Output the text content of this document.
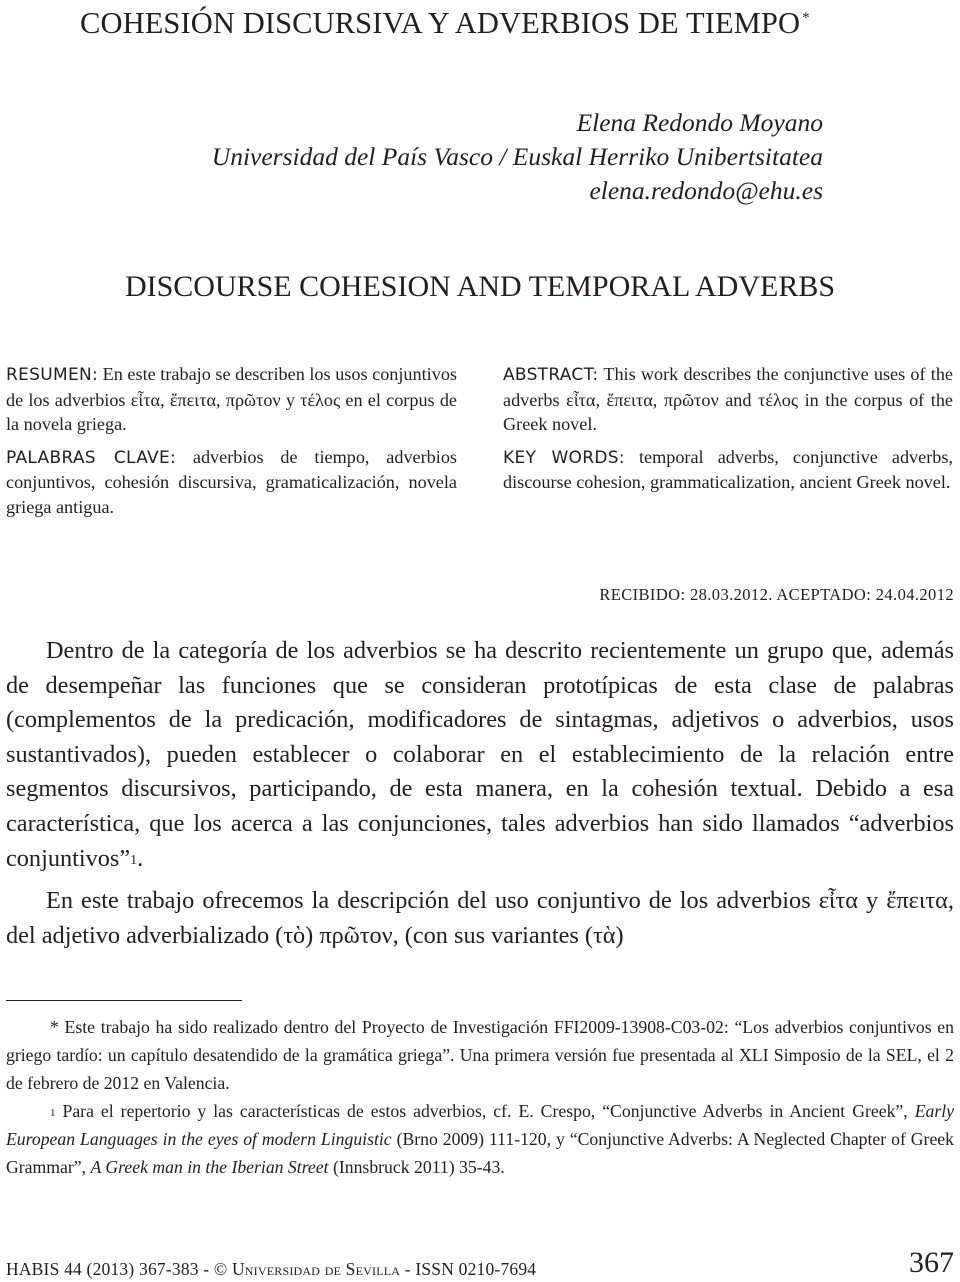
COHESIÓN DISCURSIVA Y ADVERBIOS DE TIEMPO *
Elena Redondo Moyano
Universidad del País Vasco / Euskal Herriko Unibertsitatea
elena.redondo@ehu.es
DISCOURSE COHESION AND TEMPORAL ADVERBS

RESUMEN: En este trabajo se describen los usos conjuntivos de los adverbios εἶτα, ἔπειτα, πρῶτον y τέλος en el corpus de la novela griega.

PALABRAS CLAVE: adverbios de tiempo, adverbios conjuntivos, cohesión discursiva, gramaticalización, novela griega antigua.

ABSTRACT: This work describes the conjunctive uses of the adverbs εἶτα, ἔπειτα, πρῶτον and τέλος in the corpus of the Greek novel.

KEY WORDS: temporal adverbs, conjunctive adverbs, discourse cohesion, grammaticalization, ancient Greek novel.

RECIBIDO: 28.03.2012. ACEPTADO: 24.04.2012

Dentro de la categoría de los adverbios se ha descrito recientemente un grupo que, además de desempeñar las funciones que se consideran prototípicas de esta clase de palabras (complementos de la predicación, modificadores de sintagmas, adjetivos o adverbios, usos sustantivados), pueden establecer o colaborar en el establecimiento de la relación entre segmentos discursivos, participando, de esta manera, en la cohesión textual. Debido a esa característica, que los acerca a las conjunciones, tales adverbios han sido llamados “adverbios conjuntivos”$^1$.

En este trabajo ofrecemos la descripción del uso conjuntivo de los adverbios εἶτα y ἔπειτα, del adjetivo adverbializado (τὸ) πρῶτον, (con sus variantes (τὰ)

* Este trabajo ha sido realizado dentro del Proyecto de Investigación FFI2009-13908-C03-02: “Los adverbios conjuntivos en griego tardío: un capítulo desatendido de la gramática griega”. Una primera versión fue presentada al XLI Simposio de la SEL, el 2 de febrero de 2012 en Valencia.

$^1$ Para el repertorio y las características de estos adverbios, cf. E. Crespo, “Conjunctive Adverbs in Ancient Greek”, Early European Languages in the eyes of modern Linguistic (Brno 2009) 111-120, y “Conjunctive Adverbs: A Neglected Chapter of Greek Grammar”, A Greek man in the Iberian Street (Innsbruck 2011) 35-43.

HABIS 44 (2013) 367-383 - © Universidad de Sevilla - ISSN 0210-7694	367
